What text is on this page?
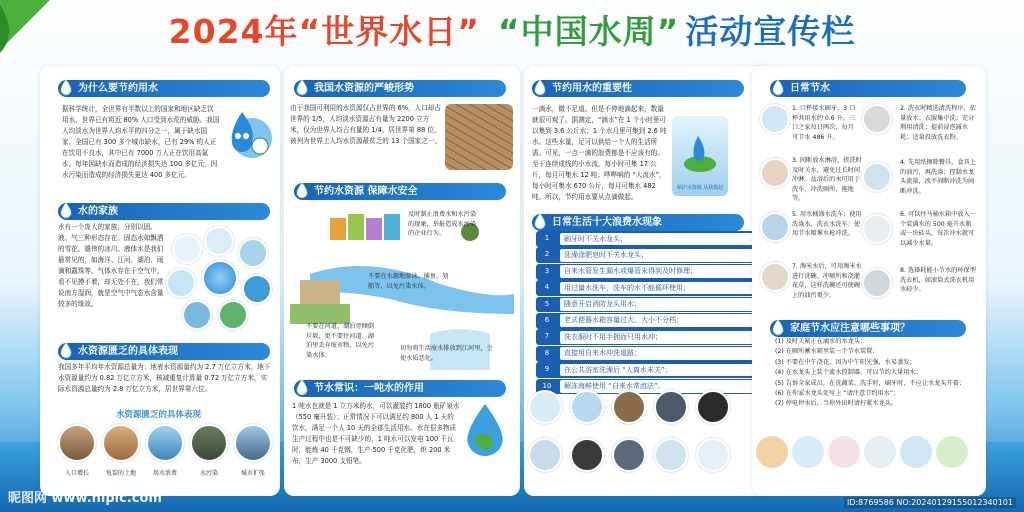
2024年“世界水日” “中国水周” 活动宣传栏
为什么要节约用水
据科学统计，全世界有半数以上的国家和地区缺乏饮用水，世界已有将近 80% 人口受到水荒的威胁。我国人均淡水为世界人均水平的四分之一，属于缺水国家。全国已有 300 多个城市缺水，已有 29% 的人正在饮用不良水，其中已有 7000 万人正在饮用高氟水。每年因缺水而造成的经济损失达 100 多亿元，因水污染而造成的经济损失更达 400 多亿元。
水的家族
水有一个庞大的家族，分别以固、液、气三种形态存在。固态水如飘洒的雪花、雄伟的冰川。液体水是我们最常见的，如海洋、江河、湖泊、雨滴和露珠等。气体水存在于空气中，看不见摸不着，却无处不在，我们常说南方湿润，就是空气中气态水含量较多的缘故。
水资源匮乏的具体表现
我国多年平均年水资源总量为：地表水资源量约为 2.7 万亿立方米，地下水资源量约为 0.82 万亿立方米，核减重复计算量 0.72 万亿立方米，实际水资源总量约为 2.8 万亿立方米，居世界第六位。
水资源匮乏的具体表现
人口增长	龟裂的土地	用水浪费	水污染	城市扩张
我国水资源的严峻形势
由于我国可利用的水资源仅占世界的 6%，人口却占世界的 1/5，人均淡水资源占有量为 2200 立方米，仅为世界人均占有量的 1/4，居世界第 88 位，被列为世界上人均水资源最贫乏的 13 个国家之一。
节约水资源 保障水安全
及时制止浪费水和水污染的现象，举报造成水污染的企业行为。
不要在水源地游泳、捕鱼、划船等，以免污染水体。
不要在河道、湖泊旁倾倒垃圾，更不要往河道、湖泊里丢弃废弃物，以免污染水体。
切勿将生活废水排放到江河里，会使水质恶化。
节水常识：一吨水的作用
1 吨水也就是 1 立方米的水，可以灌装约 1800 瓶矿泉水（550 毫升装）；正常情况下可以满足约 800 人 1 天的饮水，满足一个人 10 天的全部生活用水。水在很多物质生产过程中也是不可缺少的，1 吨水可以发电 100 千瓦时，能炼 40 千克钢，生产 500 千克化肥，织 200 米布，生产 3000 支铅笔。
节约用水的重要性
一滴水，微不足道。但是不停地滴起来，数量就很可观了。据测定，“滴水”在 1 个小时里可以集到 3.6 公斤水；1 个水月里可集到 2.6 吨水。这些水量，足可以供给一个人的生活所需。可见，一点一滴的浪费都是不应该有的。至于连续成线的小水流，每小时可集 17 公斤，每月可集水 12 吨；哗哗响的 “大流水”，每小时可集水 670 公斤，每月可集水 482 吨。所以，节约用水要从点滴做起。
保护水资源 从我做起
日常生活十大浪费水现象
1	刷牙时不关水龙头；
2	洗澡涂肥皂时不关水龙头；
3	自来水管发生漏水或爆管未得到及时修理；
4	用过量水洗车，洗车的水不能循环使用；
5	随意开启消防龙头用水；
6	老式便器水箱容量过大，大小不分档；
7	洗衣服时不用手拥而只用水冲；
8	直接用自来水冲洗道路；
9	在公共浴室洗澡后 “人离水未关”；
10	解冻海鲜使用 “自来水常流法”。
日常节水
1. 口杯接水刷牙，3 口杯共用水约 0.6 升，三口之家每日两次，每月可节水 486 升。
2. 洗衣时精选清洗程序，依量放水；衣服集中洗；充分利用清洗；提前浸泡减水耗；适量投放洗衣粉。
3. 间断放水淋浴，搓洗时及时关水，避免过长时间冲淋。盆浴后的水可用于洗车、冲洗厕所、拖地等。
4. 先用纸擦除餐具，食具上的油污，再洗涤；控制水龙头流量，改不间断冲洗为间断冲洗。
5. 用水桶盛水洗车；使用洗涤水、洗衣水洗车；使用节水喷雾水枪冲洗。
6. 可以往马桶水箱中放入一个装满水的 500 毫升水瓶或一块砖头，每次冲水就可以减少水量。
7. 淘米水后，可用淘米水进行洗碗、冲厕所和浇灌花草，这样洗碗还可使碗上的油污更少。
8. 选择耗能小节水的环保型洗衣机，如滚筒式洗衣机用水较少。
家庭节水应注意哪些事项？
(1) 及时关紧正在滴水的水龙头；
(2) 在厕所蓄水箱里装一个节水装置；
(3) 不要在中午浇花，因为中午阳光强，水易蒸发；
(4) 在水龙头上装个流水控制器，可以节约大量用水；
(5) 告诉全家成员，在洗蔬菜、洗手时，刷牙时，不应让水龙头开着；
(6) 在你家水龙头处写上 “请注意节约用水”；
(7) 停电停水后，当你外出时请拧紧水龙头。
昵图网 www.nipic.com	ID:8769586 NO:20240129155012340101
